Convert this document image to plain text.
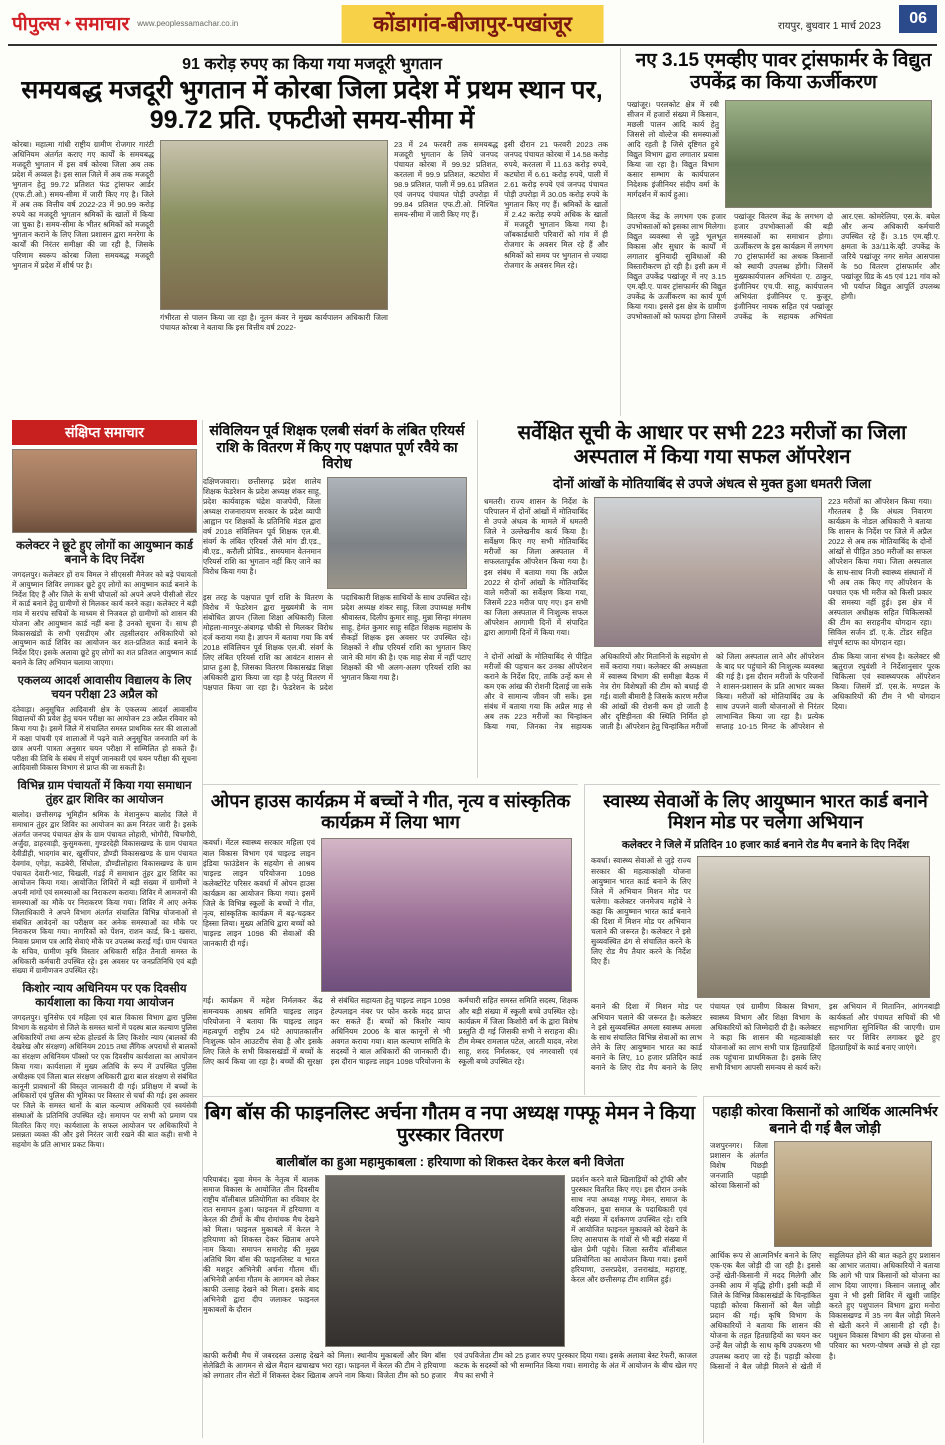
पीपुल्स ✦ समाचार www.peoplessamachar.co.in	कोंडागांव-बीजापुर-पखांजूर	रायपुर, बुधवार 1 मार्च 2023	06
91 करोड़ रुपए का किया गया मजदूरी भुगतान
समयबद्ध मजदूरी भुगतान में कोरबा जिला प्रदेश में प्रथम स्थान पर, 99.72 प्रति. एफटीओ समय-सीमा में
कोरबा। महात्मा गांधी राष्ट्रीय ग्रामीण रोजगार गारंटी अधिनियम अंतर्गत कराए गए कार्यों के समयबद्ध मजदूरी भुगतान में इस वर्ष कोरबा जिला अब तक प्रदेश में अव्वल है। इस साल जिले में अब तक मजदूरी भुगतान हेतु 99.72 प्रतिशत फंड ट्रांसफर आर्डर (एफ.टी.ओ.) समय-सीमा में जारी किए गए है। जिले में अब तक वित्तीय वर्ष 2022-23 में 90.99 करोड़ रुपये का मजदूरी भुगतान श्रमिकों के खातों में किया जा चुका है। समय-सीमा के भीतर श्रमिकों को मजदूरी भुगतान कराने के लिए जिला प्रशासन द्वारा मनरेगा के कार्यों की निरंतर समीक्षा की जा रही है, जिसके परिणाम स्वरूप कोरबा जिला समयबद्ध मजदूरी भुगतान में प्रदेश में शीर्ष पर है।
गंभीरता से पालन किया जा रहा है। नूतन कंवर ने मुख्य कार्यपालन अधिकारी जिला पंचायत कोरबा ने बताया कि इस वित्तीय वर्ष 2022-
23 में 24 फरवरी तक समयबद्ध मजदूरी भुगतान के लिये जनपद पंचायत कोरबा में 99.92 प्रतिशत, करतला में 99.9 प्रतिशत, कटघोरा में 98.9 प्रतिशत, पाली में 99.61 प्रतिशत एवं जनपद पंचायत पोड़ी उपरोड़ा में 99.84 प्रतिशत एफ.टी.ओ. निश्चित समय-सीमा में जारी किए गए हैं।
इसी दौरान 21 फरवरी 2023 तक जनपद पंचायत कोरबा में 14.58 करोड़ रुपये, करतला में 11.63 करोड़ रुपये, कटघोरा में 6.61 करोड़ रुपये, पाली में 2.61 करोड़ रुपये एवं जनपद पंचायत पोड़ी उपरोड़ा में 30.05 करोड़ रुपये के भुगतान किए गए हैं। श्रमिकों के खातों में 2.42 करोड़ रुपये अधिक के खातों में मजदूरी भुगतान किया गया है। जॉबकार्डधारी परिवारों को गांव में ही रोजगार के अवसर मिल रहे हैं और श्रमिकों को समय पर भुगतान से ज्यादा रोजगार के अवसर मिल रहे।
नए 3.15 एमव्हीए पावर ट्रांसफार्मर के विद्युत उपकेंद्र का किया ऊर्जीकरण
पखांजूर। परलकोट क्षेत्र में रबी सीजन में हजारों संख्या में किसान, मछली पालन आदि कार्य हेतु जिससे लो वोल्टेज की समस्याओं आदि रहती है जिसे दृष्टिगत हुये विद्युत विभाग द्वारा लगातार प्रयास किया जा रहा है। विद्युत विभाग कसार सम्भाग के कार्यपालन निदेशक इंजीनियर संदीप वर्मा के मार्गदर्शन में कार्य हुआ।
वितरण केंद्र के लगभग एक हजार उपभोक्ताओं को इसका लाभ मिलेगा। विद्युत व्यवस्था से जुड़े भूलभूत विकास और सुधार के कार्यों में लगातार बुनियादी सुविधाओं की विस्तारीकरण हो रही है। इसी क्रम में विद्युत उपकेंद्र पखांजूर में नए 3.15 एम.व्ही.ए. पावर ट्रांसफार्मर की विद्युत उपकेंद्र के ऊर्जीकरण का कार्य पूर्ण किया गया। इससे इस क्षेत्र के ग्रामीण उपभोक्ताओं को फायदा होगा जिसमें पखांजूर वितरण केंद्र के लगभग दो हजार उपभोक्ताओं की बड़ी समस्याओं का समाधान होगा। ऊर्जीकरण के इस कार्यक्रम में लगभग 70 ट्रांसफार्मरों का अथक किसानों को स्थायी उपलब्ध होंगी। जिसमें मुख्यकार्यपालन अभियंता ए. ठाकुर, इंजीनियर एच.पी. साहू, कार्यपालन अभियंता इंजीनियर ए. कुजूर, इंजीनियर नायक सहित एवं पखांजूर उपकेंद्र के सहायक अभियंता आर.एस. कोमरेलिया, एस.के. बघेल और अन्य अधिकारी कर्मचारी उपस्थित रहे हैं। 3.15 एम.व्ही.ए. क्षमता के 33/11के.व्ही. उपकेंद्र के जरिये पखांजूर नगर समेत आसपास के 50 वितरण ट्रांसफार्मर और पखांजूर ग्रिड के 45 एवं 121 गांव को भी पर्याप्त विद्युत आपूर्ति उपलब्ध होगी।
संक्षिप्त समाचार
कलेक्टर ने छूटे हुए लोगों का आयुष्मान कार्ड बनाने के दिए निर्देश
जगदलपुर। कलेक्टर हों राय विमल ने सीएससी मैनेजर को बड़े पंचायतों में आयुष्मान शिविर लगाकर छूटे हुए लोगों का आयुष्मान कार्ड बनाने के निर्देश दिए हैं और जिले के सभी चौपालों को अपने अपने पीसीओ सेंटर में कार्ड बनाने हेतु ग्रामीणों से मिलकर कार्य करने कहा। कलेक्टर ने बड़ी गांव में सरपंच सचिवों के माध्यम से निजवल हो ग्रामीणों को शासन की योजना और आयुष्मान कार्ड नहीं बना है उनको सूचना दें। साथ ही विकासखंडों के सभी एसडीएम और तहसीलदार अधिकारियों को आयुष्मान कार्ड शिविर का आयोजन कर शत-प्रतिशत कार्ड बनाने के निर्देश दिए। इसके अलावा छूटे हुए लोगों का शत प्रतिशत आयुष्मान कार्ड बनाने के लिए अभियान चलाया जाएगा।
एकलव्य आदर्श आवासीय विद्यालय के लिए चयन परीक्षा 23 अप्रैल को
दंतेवाड़ा। अनुसूचित आदिवासी क्षेत्र के एकलव्य आदर्श आवासीय विद्यालयों की प्रवेश हेतु चयन परीक्षा का आयोजन 23 अप्रैल रविवार को किया गया है। इसमें जिले में संचालित समस्त प्राथमिक स्तर की शालाओं में कक्षा पांचवी एवं शालाओं में पढ़ने वाले अनुसूचित जनजाति वर्ग के छात्र अपनी पात्रता अनुसार चयन परीक्षा में सम्मिलित हो सकते हैं। परीक्षा की तिथि के संबंध में संपूर्ण जानकारी एवं चयन परीक्षा की सूचना आदिवासी विकास विभाग से प्राप्त की जा सकती है।
विभिन्न ग्राम पंचायतों में किया गया समाधान तुंहर द्वार शिविर का आयोजन
बालोद। छत्तीसगढ़ भूमिहीन श्रमिक के मेशानुरूप बालोद जिले में समाधान तुंहर द्वार शिविर का आयोजन का क्रम निरंतर जारी है। इसके अंतर्गत जनपद पंचायत क्षेत्र के ग्राम पंचायत लोहारी, भोगौरी, चिचगौरी, अर्जुंदा, डाहरवाड़ी, कुसुमकसा, गुण्डरदेही विकासखण्ड के ग्राम पंचायत देवीडीही, भादगांव बार, खुर्सीपार, डौण्डी विकासखण्ड के ग्राम पंचायत देवगांव, एगेड़ा, कडबेरी, सिंघोला, डौण्डीलोहारा विकासखण्ड के ग्राम पंचायत देवारी-भाट, चिखली, गंडई में समाधान तुंहर द्वार शिविर का आयोजन किया गया। आयोजित शिविरों में बड़ी संख्या में ग्रामीणों ने अपनी मांगों एवं समस्याओं का निराकरण कराया। शिविर में आमजनों की समस्याओं का मौके पर निराकरण किया गया। शिविर में आए अनेक जिलाधिकारी ने अपने विभाग अंतर्गत संचालित विभिन्न योजनाओं से संबंधित आवेदनों का परीक्षण कर अनेक समस्याओं का मौके पर निराकरण किया गया। नागरिकों को पेंशन, राशन कार्ड, बि-1 खसरा, निवास प्रमाण पत्र आदि सेवाएं मौके पर उपलब्ध कराई गई। ग्राम पंचायत के सचिव, ग्रामीण कृषि विस्तार अधिकारी सहित तैनाती समस्त के अधिकारी कर्मचारी उपस्थित रहे। इस अवसर पर जनप्रतिनिधि एवं बड़ी संख्या में ग्रामीणजन उपस्थित रहे।
किशोर न्याय अधिनियम पर एक दिवसीय कार्यशाला का किया गया आयोजन
जगदलपुर। यूनिसेफ एवं महिला एवं बाल विकास विभाग द्वारा पुलिस विभाग के सहयोग से जिले के समस्त थानों में पदस्थ बाल कल्याण पुलिस अधिकारियों तथा अन्य स्टेक होल्डर्स के लिए किशोर न्याय (बालकों की देखरेख और संरक्षण) अधिनियम 2015 तथा लैंगिक अपराधों से बालकों का संरक्षण अधिनियम पॉक्सो पर एक दिवसीय कार्यशाला का आयोजन किया गया। कार्यशाला में मुख्य अतिथि के रूप में उपस्थित पुलिस अधीक्षक एवं जिला बाल संरक्षण अधिकारी द्वारा बाल संरक्षण से संबंधित कानूनी प्रावधानों की विस्तृत जानकारी दी गई। प्रशिक्षण में बच्चों के अधिकारों एवं पुलिस की भूमिका पर विस्तार से चर्चा की गई। इस अवसर पर जिले के समस्त थानों के बाल कल्याण अधिकारी एवं स्वयंसेवी संस्थाओं के प्रतिनिधि उपस्थित रहे। समापन पर सभी को प्रमाण पत्र वितरित किए गए। कार्यशाला के सफल आयोजन पर अधिकारियों ने प्रसन्नता व्यक्त की और इसे निरंतर जारी रखने की बात कही। सभी ने सहयोग के प्रति आभार प्रकट किया।
संविलियन पूर्व शिक्षक एलबी संवर्ग के लंबित एरियर्स राशि के वितरण में किए गए पक्षपात पूर्ण रवैये का विरोध
दक्षिणजवारा। छत्तीसगढ़ प्रदेश शालेय शिक्षक फेडरेशन के प्रदेश अध्यक्ष शंकर साहू, प्रदेश कार्यवाहक चंद्रेश वाजपेयी, जिला अध्यक्ष राजनारायण सरकार के प्रदेश व्यापी आह्वान पर शिक्षकों के प्रतिनिधि मंडल द्वारा वर्ष 2018 संविलियन पूर्व शिक्षक एल.बी. संवर्ग के लंबित एरियर्स जैसे मांग डी.एड., बी.एड., करौली प्रोविड., समयमान वेतनमान एरियर्स राशि का भुगतान नहीं किए जाने का विरोध किया गया है।
इस तरह के पक्षपात पूर्ण राशि के वितरण के विरोध में फेडरेशन द्वारा मुख्यमंत्री के नाम संबोधित ज्ञापन (जिला शिक्षा अधिकारी) जिला मोहला-मानपुर-अंबागढ़ चौकी से मिलकर विरोध दर्ज कराया गया है। ज्ञापन में बताया गया कि वर्ष 2018 संविलियन पूर्व शिक्षक एल.बी. संवर्ग के लिए लंबित एरियर्स राशि का आवंटन शासन से प्राप्त हुआ है, जिसका वितरण विकासखंड शिक्षा अधिकारी द्वारा किया जा रहा है परंतु वितरण में पक्षपात किया जा रहा है। फेडरेशन के प्रदेश पदाधिकारी शिक्षक साथियों के साथ उपस्थित रहे। प्रदेश अध्यक्ष शंकर साहू, जिला उपाध्यक्ष मनीष श्रीवास्तव, दिलीप कुमार साहू, मुन्ना सिन्हा मंगलम साहू, हेमंत कुमार साहू सहित शिक्षक महासंघ के सैकड़ों शिक्षक इस अवसर पर उपस्थित रहे। शिक्षकों ने शीघ्र एरियर्स राशि का भुगतान किए जाने की मांग की है। एक माह सेवा में नहीं पटाए शिक्षकों की भी अलग-अलग एरियर्स राशि का भुगतान किया गया है।
सर्वेक्षित सूची के आधार पर सभी 223 मरीजों का जिला अस्पताल में किया गया सफल ऑपरेशन
दोनों आंखों के मोतियाबिंद से उपजे अंधत्व से मुक्त हुआ धमतरी जिला
धमतरी। राज्य शासन के निर्देश के परिपालन में दोनों आंखों में मोतियाबिंद से उपजे अंधत्व के मामले में धमतरी जिले ने उल्लेखनीय कार्य किया है। सर्वेक्षण किए गए सभी मोतियाबिंद मरीजों का जिला अस्पताल में सफलतापूर्वक ऑपरेशन किया गया है। इस संबंध में बताया गया कि अप्रैल 2022 से दोनों आंखों के मोतियाबिंद वाले मरीजों का सर्वेक्षण किया गया, जिसमें 223 मरीज पाए गए। इन सभी का जिला अस्पताल में निःशुल्क सफल ऑपरेशन आगामी दिनों में संपादित द्वारा आगामी दिनों में किया गया।
223 मरीजों का ऑपरेशन किया गया। गौरतलब है कि अंधत्व निवारण कार्यक्रम के नोडल अधिकारी ने बताया कि शासन के निर्देश पर जिले में अप्रैल 2022 से अब तक मोतियाबिंद के दोनों आंखों से पीड़ित 350 मरीजों का सफल ऑपरेशन किया गया। जिला अस्पताल के साथ-साथ निजी स्वास्थ्य संस्थानों में भी अब तक किए गए ऑपरेशन के पश्चात एक भी मरीज को किसी प्रकार की समस्या नहीं हुई। इस क्षेत्र में अस्पताल अधीक्षक सहित चिकित्सकों की टीम का सराहनीय योगदान रहा। सिविल सर्जन डॉ. ए.के. टोंडर सहित संपूर्ण स्टाफ का योगदान रहा।
ने दोनों आंखों के मोतियाबिंद से पीड़ित मरीजों की पहचान कर उनका ऑपरेशन कराने के निर्देश दिए, ताकि उन्हें कम से कम एक आंख की रोशनी दिलाई जा सके और वे सामान्य जीवन जी सकें। इस संबंध में बताया गया कि अप्रैल माह से अब तक 223 मरीजों का चिन्हांकन किया गया, जिनका नेत्र सहायक अधिकारियों और मितानिनों के सहयोग से सर्वे कराया गया। कलेक्टर की अध्यक्षता में स्वास्थ्य विभाग की समीक्षा बैठक में नेत्र रोग विशेषज्ञों की टीम को बधाई दी गई। वाली बीमारी है जिसके कारण मरीज की आंखों की रोशनी कम हो जाती है और दृष्टिहीनता की स्थिति निर्मित हो जाती है। ऑपरेशन हेतु चिन्हांकित मरीजों को जिला अस्पताल लाने और ऑपरेशन के बाद घर पहुंचाने की निःशुल्क व्यवस्था की गई है। इस दौरान मरीजों के परिजनों ने शासन-प्रशासन के प्रति आभार व्यक्त किया। मरीजों को मोतियाबिंद उम्र के साथ उपजने वाली योजनाओं से निरंतर लाभान्वित किया जा रहा है। प्रत्येक सप्ताह 10-15 मिनट के ऑपरेशन से ठीक किया जाना संभव है। कलेक्टर श्री ऋतुराज रघुवंशी ने निर्देशानुसार पूरक चिकित्सा एवं स्वास्थ्यपरक ऑपरेशन किया। जिसमें डॉ. एस.के. मण्डल के अधिकारियों की टीम ने भी योगदान दिया।
ओपन हाउस कार्यक्रम में बच्चों ने गीत, नृत्य व सांस्कृतिक कार्यक्रम में लिया भाग
कवर्धा। मेंटल स्वास्थ्य सरकार महिला एवं बाल विकास विभाग एवं चाइल्ड लाइन इंडिया फाउंडेशन के सहयोग से आश्रय चाइल्ड लाइन परियोजना 1098 कलेक्टोरेट परिसर कवर्धा में ओपन हाउस कार्यक्रम का आयोजन किया गया। इसमें जिले के विभिन्न स्कूलों के बच्चों ने गीत, नृत्य, सांस्कृतिक कार्यक्रम में बढ़-चढ़कर हिस्सा लिया। मुख्य अतिथि द्वारा बच्चों को चाइल्ड लाइन 1098 की सेवाओं की जानकारी दी गई।
गई। कार्यक्रम में महेश निर्मलकर केंद्र समन्वयक आश्रय समिति चाइल्ड लाइन परियोजना ने बताया कि चाइल्ड लाइन महत्वपूर्ण राष्ट्रीय 24 घंटे आपातकालीन निःशुल्क फोन आउटरीच सेवा है और इसके लिए जिले के सभी विकासखंडों में बच्चों के लिए कार्य किया जा रहा है। बच्चों की सुरक्षा से संबंधित सहायता हेतु चाइल्ड लाइन 1098 हेल्पलाइन नंबर पर फोन करके मदद प्राप्त कर सकते हैं। बच्चों को किशोर न्याय अधिनियम 2006 के बाल कानूनों से भी अवगत कराया गया। बाल कल्याण समिति के सदस्यों ने बाल अधिकारों की जानकारी दी। इस दौरान चाइल्ड लाइन 1098 परियोजना के कर्मचारी सहित समस्त समिति सदस्य, शिक्षक और बड़ी संख्या में स्कूली बच्चे उपस्थित रहे। कार्यक्रम में जिला किशोरी वर्ग के द्वारा विशेष प्रस्तुति दी गई जिसकी सभी ने सराहना की। टीम मेम्बर रामलाल पटेल, आरती यादव, नरेश साहू, शरद निर्मलकर, एवं नगरवासी एवं स्कूली बच्चे उपस्थित रहे।
स्वास्थ्य सेवाओं के लिए आयुष्मान भारत कार्ड बनाने मिशन मोड पर चलेगा अभियान
कलेक्टर ने जिले में प्रतिदिन 10 हजार कार्ड बनाने रोड मैप बनाने के दिए निर्देश
कवर्धा। स्वास्थ्य सेवाओं से जुड़े राज्य सरकार की महत्वाकांक्षी योजना आयुष्मान भारत कार्ड बनाने के लिए जिले में अभियान मिशन मोड पर चलेगा। कलेक्टर जनमेजय महोबे ने कहा कि आयुष्मान भारत कार्ड बनाने की दिशा में मिशन मोड पर अभियान चलाने की जरूरत है। कलेक्टर ने इसे सुव्यवस्थित ढंग से संचालित करने के लिए रोड मैप तैयार करने के निर्देश दिए हैं।
बनाने की दिशा में मिशन मोड पर अभियान चलाने की जरूरत है। कलेक्टर ने इसे सुव्यवस्थित अमला स्वास्थ्य अमला के साथ संचालित विभिन्न सेवाओं का लाभ लेने के लिए आयुष्मान भारत का कार्ड बनाने के लिए, 10 हजार प्रतिदिन कार्ड बनाने के लिए रोड मैप बनाने के लिए पंचायत एवं ग्रामीण विकास विभाग, स्वास्थ्य विभाग और शिक्षा विभाग के अधिकारियों को जिम्मेदारी दी है। कलेक्टर ने कहा कि शासन की महत्वाकांक्षी योजनाओं का लाभ सभी पात्र हितग्राहियों तक पहुंचाना प्राथमिकता है। इसके लिए सभी विभाग आपसी समन्वय से कार्य करें। इस अभियान में मितानिन, आंगनबाड़ी कार्यकर्ता और पंचायत सचिवों की भी सहभागिता सुनिश्चित की जाएगी। ग्राम स्तर पर शिविर लगाकर छूटे हुए हितग्राहियों के कार्ड बनाए जाएंगे।
बिग बॉस की फाइनलिस्ट अर्चना गौतम व नपा अध्यक्ष गफ्फू मेमन ने किया पुरस्कार वितरण
बालीबॉल का हुआ महामुकाबला : हरियाणा को शिकस्त देकर केरल बनी विजेता
परियाबंद। युवा मेमन के नेतृत्व में बालक समाज विकास के आयोजित तीन दिवसीय राष्ट्रीय वॉलीबाल प्रतियोगिता का रविवार देर रात समापन हुआ। फाइनल में हरियाणा व केरल की टीमों के बीच रोमांचक मैच देखने को मिला। फाइनल मुकाबले में केरल ने हरियाणा को शिकस्त देकर खिताब अपने नाम किया। समापन समारोह की मुख्य अतिथि बिग बॉस की फाइनलिस्ट व भारत की मशहूर अभिनेत्री अर्चना गौतम थीं। अभिनेत्री अर्चना गौतम के आगमन को लेकर काफी उत्साह देखने को मिला। इसके बाद अभिनेत्री द्वारा दीप जलाकर फाइनल मुकाबलों के दौरान
प्रदर्शन करने वाले खिलाड़ियों को ट्रॉफी और पुरस्कार वितरित किए गए। इस दौरान उनके साथ नपा अध्यक्ष गफ्फू मेमन, समाज के वरिष्ठजन, युवा समाज के पदाधिकारी एवं बड़ी संख्या में दर्शकगण उपस्थित रहे। रात्रि में आयोजित फाइनल मुकाबले को देखने के लिए आसपास के गांवों से भी बड़ी संख्या में खेल प्रेमी पहुंचे। जिला स्तरीय वॉलीबाल प्रतियोगिता का आयोजन किया गया। इसमें हरियाणा, उत्तरप्रदेश, उत्तराखंड, महाराष्ट्र, केरल और छत्तीसगढ़ टीम शामिल हुई।
काफी करीबी मैच में जबरदस्त उत्साह देखने को मिला। स्थानीय मुकाबलों और बिग बॉस सेलेब्रिटी के आगमन से खेल मैदान खचाखच भरा रहा। फाइनल में केरल की टीम ने हरियाणा को लगातार तीन सेटों में शिकस्त देकर खिताब अपने नाम किया। विजेता टीम को 50 हजार एवं उपविजेता टीम को 25 हजार रुपए पुरस्कार दिया गया। इसके अलावा बेस्ट रेफरी, काजल कटक के सदस्यों को भी सम्मानित किया गया। समारोह के अंत में आयोजन के बीच खेल गए मैच का सभी ने
पहाड़ी कोरवा किसानों को आर्थिक आत्मनिर्भर बनाने दी गई बैल जोड़ी
जशपुरनगर। जिला प्रशासन के अंतर्गत विशेष पिछड़ी जनजाति पहाड़ी कोरवा किसानों को
आर्थिक रूप से आत्मनिर्भर बनाने के लिए एक-एक बैल जोड़ी दी जा रही है। इससे उन्हें खेती-किसानी में मदद मिलेगी और उनकी आय में वृद्धि होगी। इसी कड़ी में जिले के विभिन्न विकासखंडों के चिन्हांकित पहाड़ी कोरवा किसानों को बैल जोड़ी प्रदान की गई। कृषि विभाग के अधिकारियों ने बताया कि शासन की योजना के तहत हितग्राहियों का चयन कर उन्हें बैल जोड़ी के साथ कृषि उपकरण भी उपलब्ध कराए जा रहे हैं। पहाड़ी कोरवा किसानों ने बैल जोड़ी मिलने से खेती में सहूलियत होने की बात कहते हुए प्रशासन का आभार जताया। अधिकारियों ने बताया कि आगे भी पात्र किसानों को योजना का लाभ दिया जाएगा। किसान जलालू और युवा ने भी इसी शिविर में खुशी जाहिर करते हुए पशुपालन विभाग द्वारा मनोरा विकासखण्ड में 35 नग बैल जोड़ी मिलने से खेती करने में आसानी हो रही है। पशुधन विकास विभाग की इस योजना से परिवार का भरण-पोषण अच्छे से हो रहा है।
